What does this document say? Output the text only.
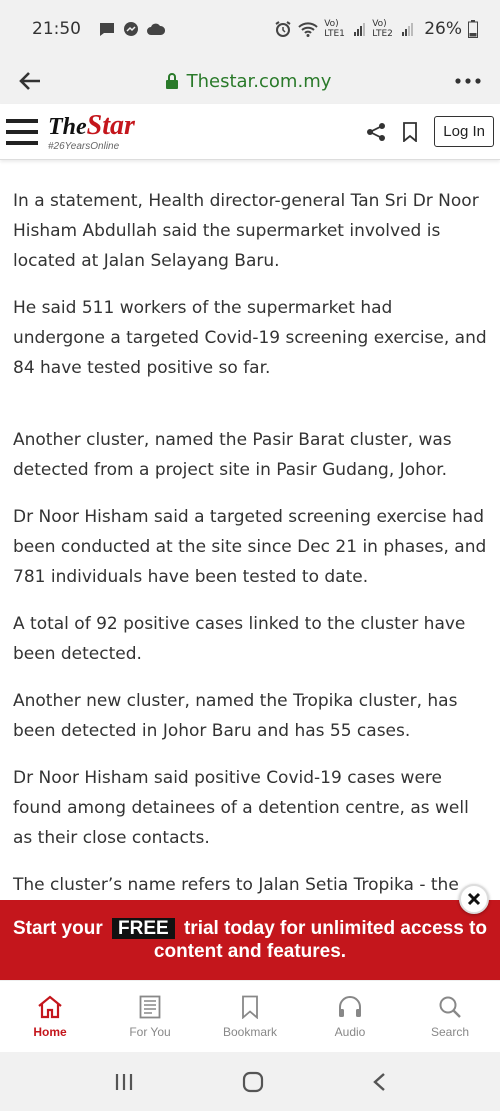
21:50	Vo) LTE1
Vo) LTE2 26%
Thestar.com.my
TheStar
#26YearsOnline
Log In

In a statement, Health director-general Tan Sri Dr Noor Hisham Abdullah said the supermarket involved is located at Jalan Selayang Baru.

He said 511 workers of the supermarket had undergone a targeted Covid-19 screening exercise, and 84 have tested positive so far.

Another cluster, named the Pasir Barat cluster, was detected from a project site in Pasir Gudang, Johor.

Dr Noor Hisham said a targeted screening exercise had been conducted at the site since Dec 21 in phases, and 781 individuals have been tested to date.

A total of 92 positive cases linked to the cluster have been detected.

Another new cluster, named the Tropika cluster, has been detected in Johor Baru and has 55 cases.

Dr Noor Hisham said positive Covid-19 cases were found among detainees of a detention centre, as well as their close contacts.

The cluster’s name refers to Jalan Setia Tropika - the

Start your FREE trial today for unlimited access to
content and features.
Home	For You	Bookmark	Audio	Search
